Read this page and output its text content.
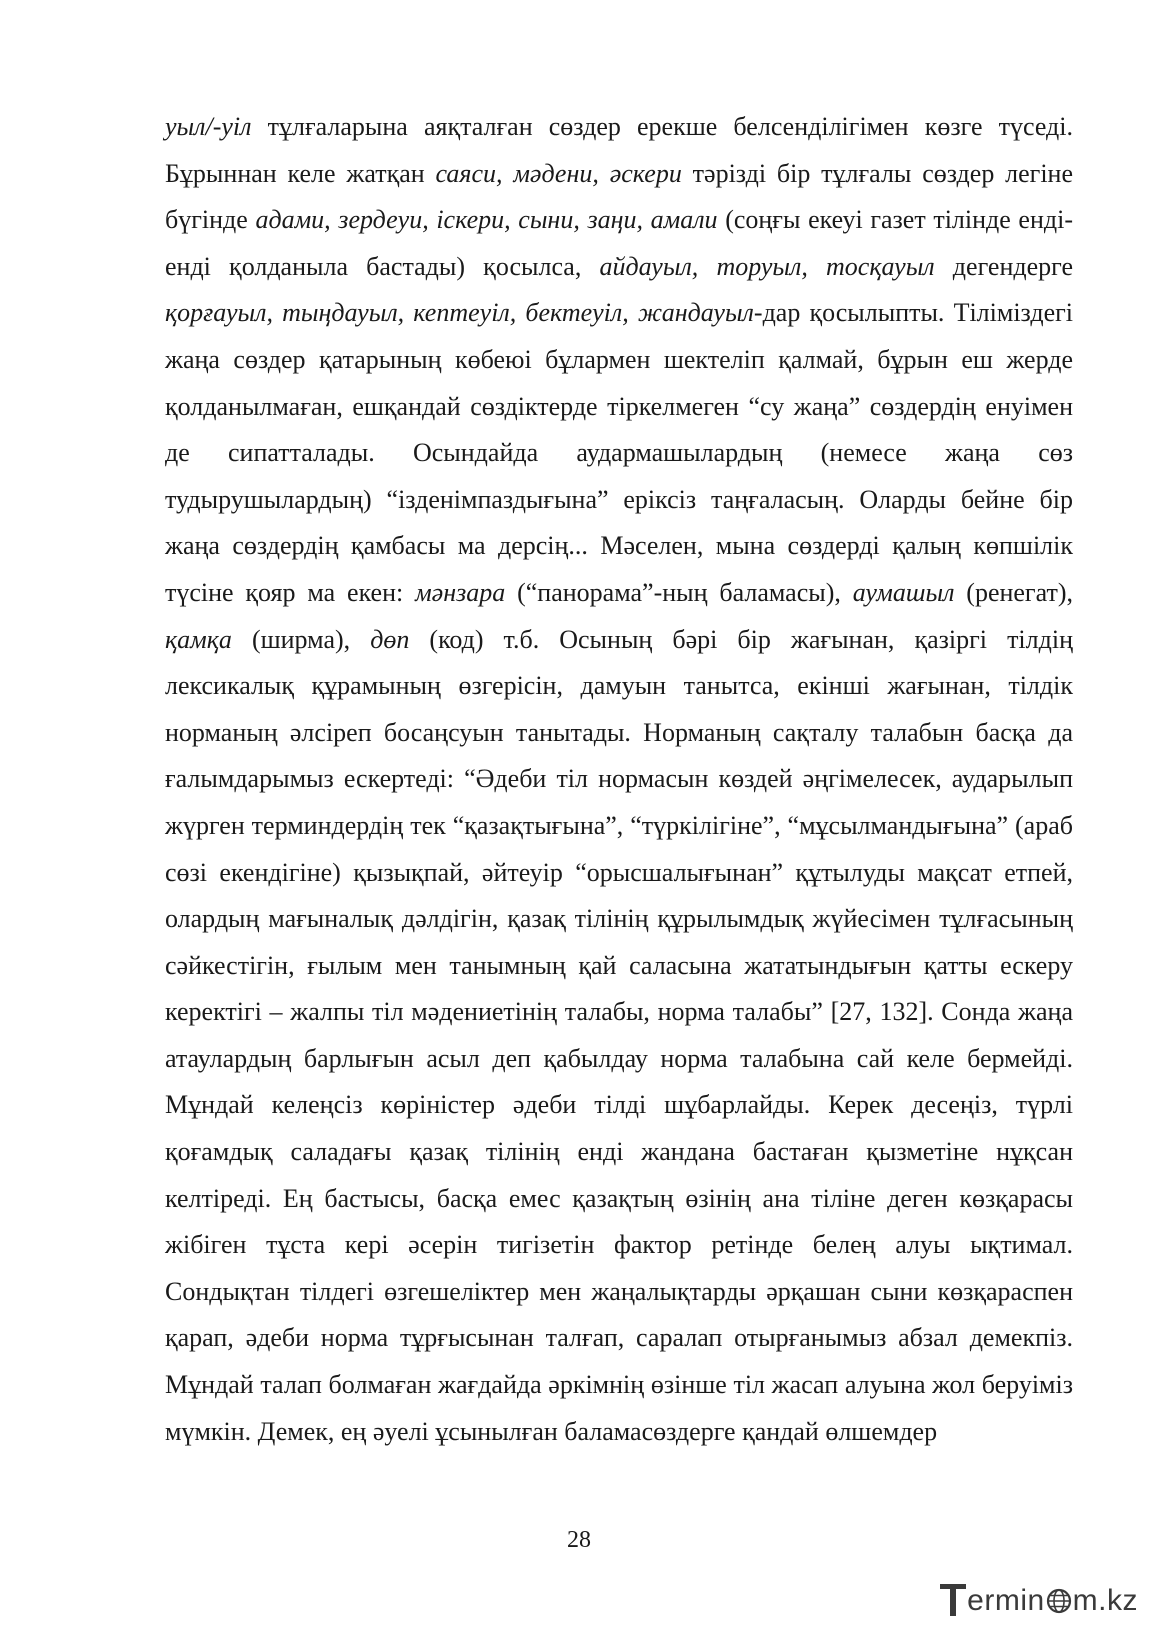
уыл/-уіл тұлғаларына аяқталған сөздер ерекше белсенділігімен көзге түседі. Бұрыннан келе жатқан саяси, мәдени, әскери тәрізді бір тұлғалы сөздер легіне бүгінде адами, зердеуи, іскери, сыни, заңи, амали (соңғы екеуі газет тілінде енді-енді қолданыла бастады) қосылса, айдауыл, торуыл, тосқауыл дегендерге қорғауыл, тыңдауыл, кептеуіл, бектеуіл, жандауыл-дар қосылыпты. Тіліміздегі жаңа сөздер қатарының көбеюі бұлармен шектеліп қалмай, бұрын еш жерде қолданылмаған, ешқандай сөздіктерде тіркелмеген “су жаңа” сөздердің енуімен де сипатталады. Осындайда аудармашылардың (немесе жаңа сөз тудырушылардың) “ізденімпаздығына” еріксіз таңғаласың. Оларды бейне бір жаңа сөздердің қамбасы ма дерсің... Мәселен, мына сөздерді қалың көпшілік түсіне қояр ма екен: мәнзара (“панорама”-ның баламасы), аумашыл (ренегат), қамқа (ширма), дөп (код) т.б. Осының бәрі бір жағынан, қазіргі тілдің лексикалық құрамының өзгерісін, дамуын танытса, екінші жағынан, тілдік норманың әлсіреп босаңсуын танытады. Норманың сақталу талабын басқа да ғалымдарымыз ескертеді: “Әдеби тіл нормасын көздей әңгімелесек, аударылып жүрген терминдердің тек “қазақтығына”, “түркілігіне”, “мұсылмандығына” (араб сөзі екендігіне) қызықпай, әйтеуір “орысшалығынан” құтылуды мақсат етпей, олардың мағыналық дәлдігін, қазақ тілінің құрылымдық жүйесімен тұлғасының сәйкестігін, ғылым мен танымның қай саласына жататындығын қатты ескеру керектігі – жалпы тіл мәдениетінің талабы, норма талабы” [27, 132]. Сонда жаңа атаулардың барлығын асыл деп қабылдау норма талабына сай келе бермейді. Мұндай келеңсіз көріністер әдеби тілді шұбарлайды. Керек десеңіз, түрлі қоғамдық саладағы қазақ тілінің енді жандана бастаған қызметіне нұқсан келтіреді. Ең бастысы, басқа емес қазақтың өзінің ана тіліне деген көзқарасы жібіген тұста кері әсерін тигізетін фактор ретінде белең алуы ықтимал. Сондықтан тілдегі өзгешеліктер мен жаңалықтарды әрқашан сыни көзқараспен қарап, әдеби норма тұрғысынан талғап, саралап отырғанымыз абзал демекпіз. Мұндай талап болмаған жағдайда әркімнің өзінше тіл жасап алуына жол беруіміз мүмкін. Демек, ең әуелі ұсынылған баламасөздерге қандай өлшемдер

28
ermin m.kz
